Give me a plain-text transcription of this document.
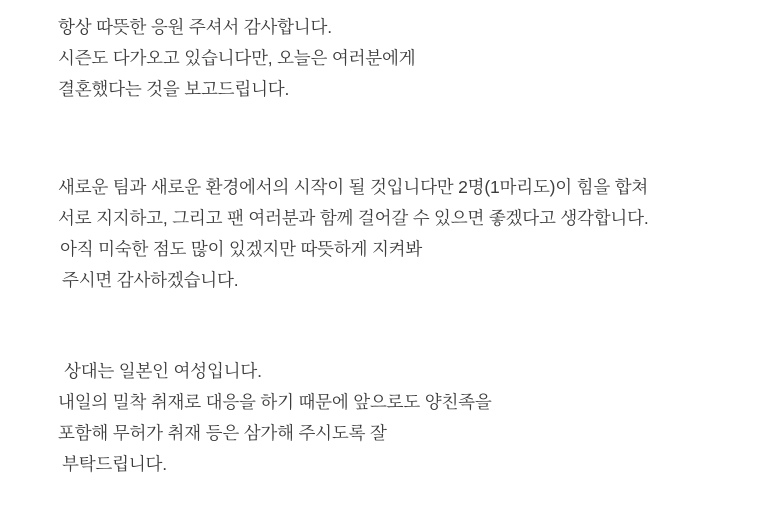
항상 따뜻한 응원 주셔서 감사합니다.
시즌도 다가오고 있습니다만, 오늘은 여러분에게
결혼했다는 것을 보고드립니다.
새로운 팀과 새로운 환경에서의 시작이 될 것입니다만 2명(1마리도)이 힘을 합쳐
서로 지지하고, 그리고 팬 여러분과 함께 걸어갈 수 있으면 좋겠다고 생각합니다.
아직 미숙한 점도 많이 있겠지만 따뜻하게 지켜봐
주시면 감사하겠습니다.
상대는 일본인 여성입니다.
내일의 밀착 취재로 대응을 하기 때문에 앞으로도 양친족을
포함해 무허가 취재 등은 삼가해 주시도록 잘
부탁드립니다.
